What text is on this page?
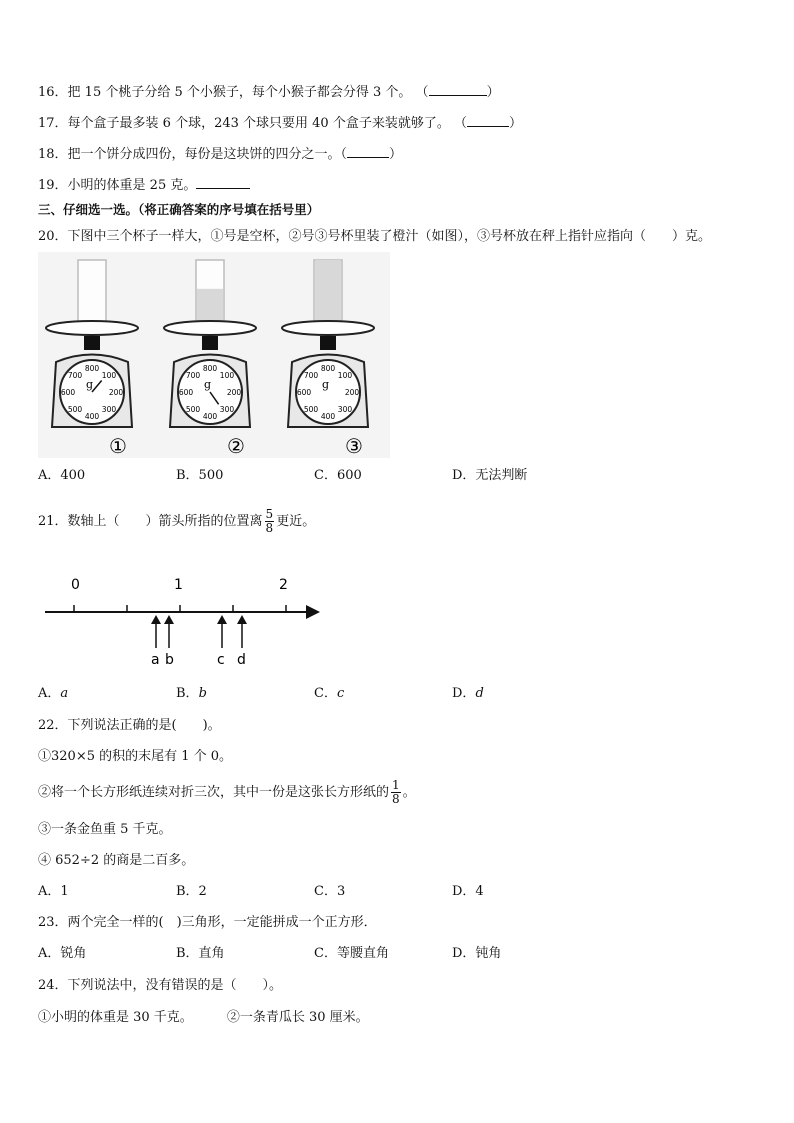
16．把 15 个桃子分给 5 个小猴子，每个小猴子都会分得 3 个。 （	）
17．每个盒子最多装 6 个球，243 个球只要用 40 个盒子来装就够了。 （	）
18．把一个饼分成四份，每份是这块饼的四分之一。（	）
19．小明的体重是 25 克。
三、仔细选一选。（将正确答案的序号填在括号里）
20．下图中三个杯子一样大，①号是空杯，②号③号杯里装了橙汁（如图），③号杯放在秤上指针应指向（　　）克。
800
100
200
300
400
500
600
700
g
①
800
100
200
300
400
500
600
700
g
②
800
100
200
300
400
500
600
700
g
③
A．400	B．500	C．600	D．无法判断
21．数轴上（　　）箭头所指的位置离 $\frac{5}{8}$ 更近。
0	1	2
a b	c d
A．a	B．b	C．c	D．d
22．下列说法正确的是(　　)。
①320×5 的积的末尾有 1 个 0。
②将一个长方形纸连续对折三次，其中一份是这张长方形纸的 $\frac{1}{8}$ 。
③一条金鱼重 5 千克。
④ 652÷2 的商是二百多。
A．1	B．2	C．3	D．4
23．两个完全一样的(　)三角形，一定能拼成一个正方形．
A．锐角	B．直角	C．等腰直角	D．钝角
24．下列说法中，没有错误的是（　　）。
①小明的体重是 30 千克。	②一条青瓜长 30 厘米。
